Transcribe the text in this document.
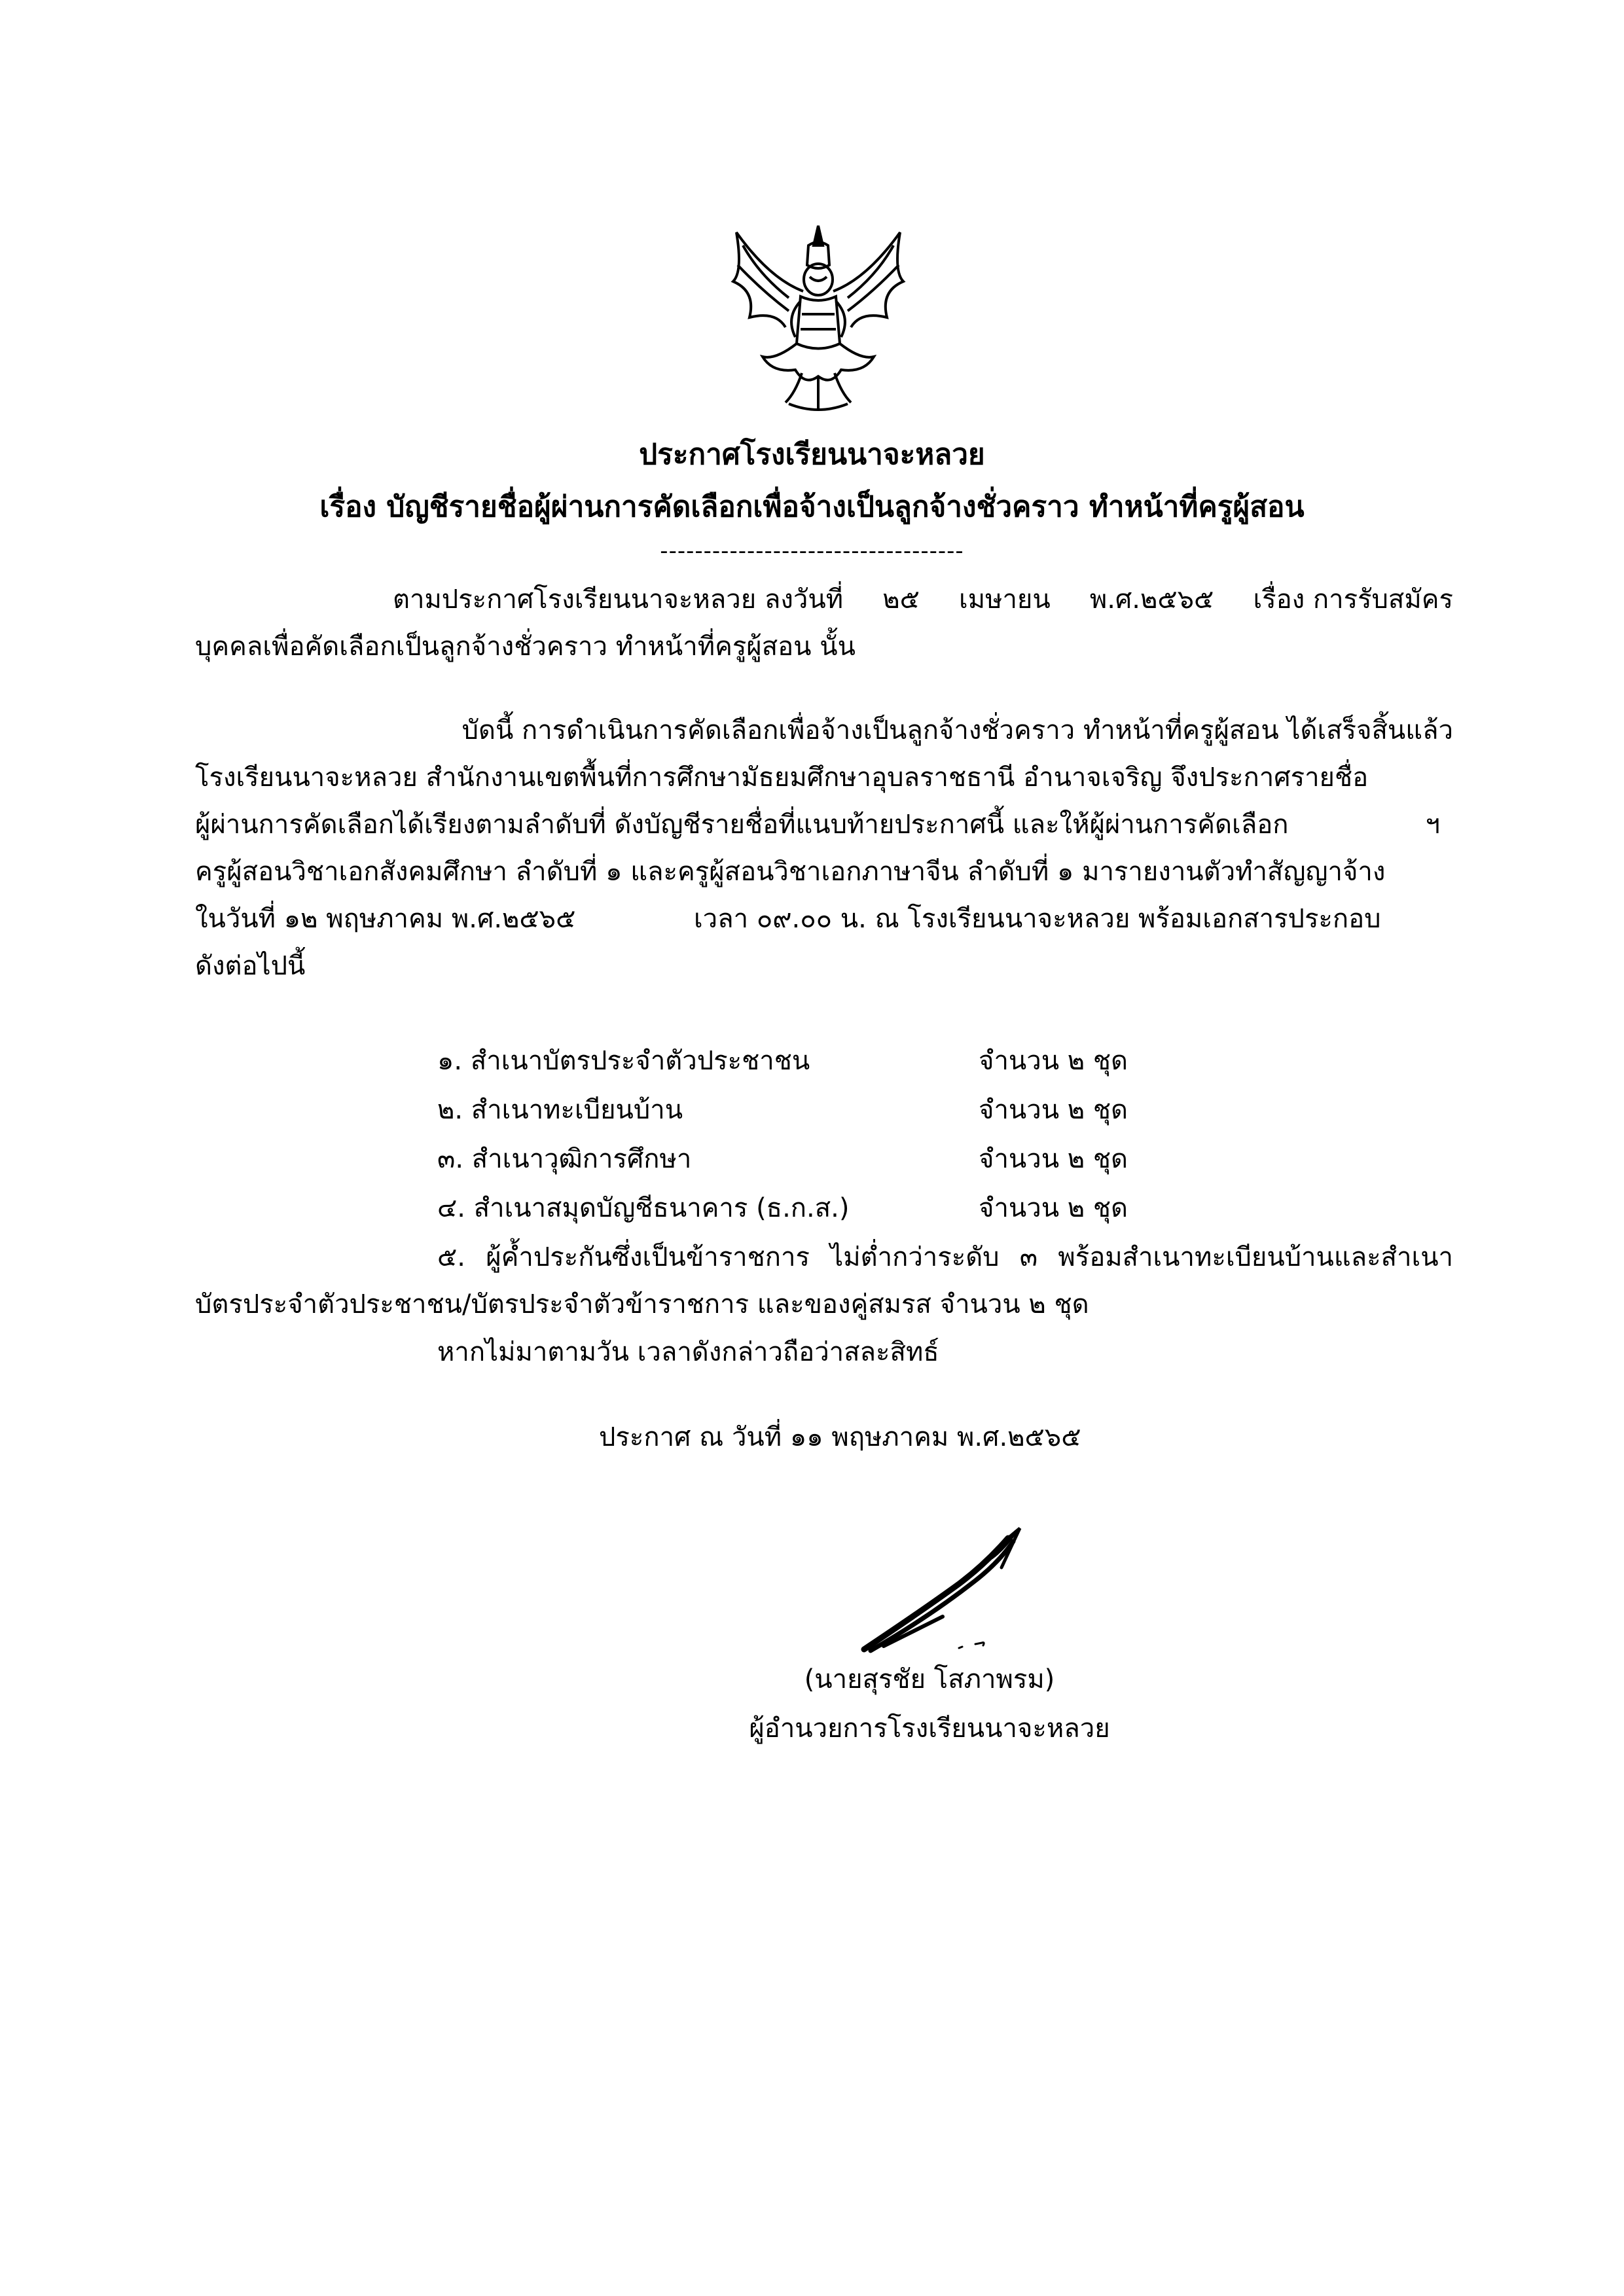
ประกาศโรงเรียนนาจะหลวย
เรื่อง บัญชีรายชื่อผู้ผ่านการคัดเลือกเพื่อจ้างเป็นลูกจ้างชั่วคราว ทำหน้าที่ครูผู้สอน
-----------------------------------
ตามประกาศโรงเรียนนาจะหลวย ลงวันที่ ๒๕ เมษายน พ.ศ.๒๕๖๕ เรื่อง การรับสมัคร
บุคคลเพื่อคัดเลือกเป็นลูกจ้างชั่วคราว ทำหน้าที่ครูผู้สอน นั้น
บัดนี้ การดำเนินการคัดเลือกเพื่อจ้างเป็นลูกจ้างชั่วคราว ทำหน้าที่ครูผู้สอน ได้เสร็จสิ้นแล้ว
โรงเรียนนาจะหลวย สำนักงานเขตพื้นที่การศึกษามัธยมศึกษาอุบลราชธานี อำนาจเจริญ จึงประกาศรายชื่อ
ผู้ผ่านการคัดเลือกได้เรียงตามลำดับที่ ดังบัญชีรายชื่อที่แนบท้ายประกาศนี้ และให้ผู้ผ่านการคัดเลือก	ฯ
ครูผู้สอนวิชาเอกสังคมศึกษา ลำดับที่ ๑ และครูผู้สอนวิชาเอกภาษาจีน ลำดับที่ ๑ มารายงานตัวทำสัญญาจ้าง
ในวันที่ ๑๒ พฤษภาคม พ.ศ.๒๕๖๕	เวลา ๐๙.๐๐ น. ณ โรงเรียนนาจะหลวย พร้อมเอกสารประกอบ
ดังต่อไปนี้
๑. สำเนาบัตรประจำตัวประชาชน	จำนวน ๒ ชุด
๒. สำเนาทะเบียนบ้าน	จำนวน ๒ ชุด
๓. สำเนาวุฒิการศึกษา	จำนวน ๒ ชุด
๔. สำเนาสมุดบัญชีธนาคาร (ธ.ก.ส.)	จำนวน ๒ ชุด
๕. ผู้ค้ำประกันซึ่งเป็นข้าราชการ ไม่ต่ำกว่าระดับ ๓ พร้อมสำเนาทะเบียนบ้านและสำเนา
บัตรประจำตัวประชาชน/บัตรประจำตัวข้าราชการ และของคู่สมรส จำนวน ๒ ชุด
หากไม่มาตามวัน เวลาดังกล่าวถือว่าสละสิทธ์
ประกาศ ณ วันที่ ๑๑ พฤษภาคม พ.ศ.๒๕๖๕
(นายสุรชัย โสภาพรม)
ผู้อำนวยการโรงเรียนนาจะหลวย
